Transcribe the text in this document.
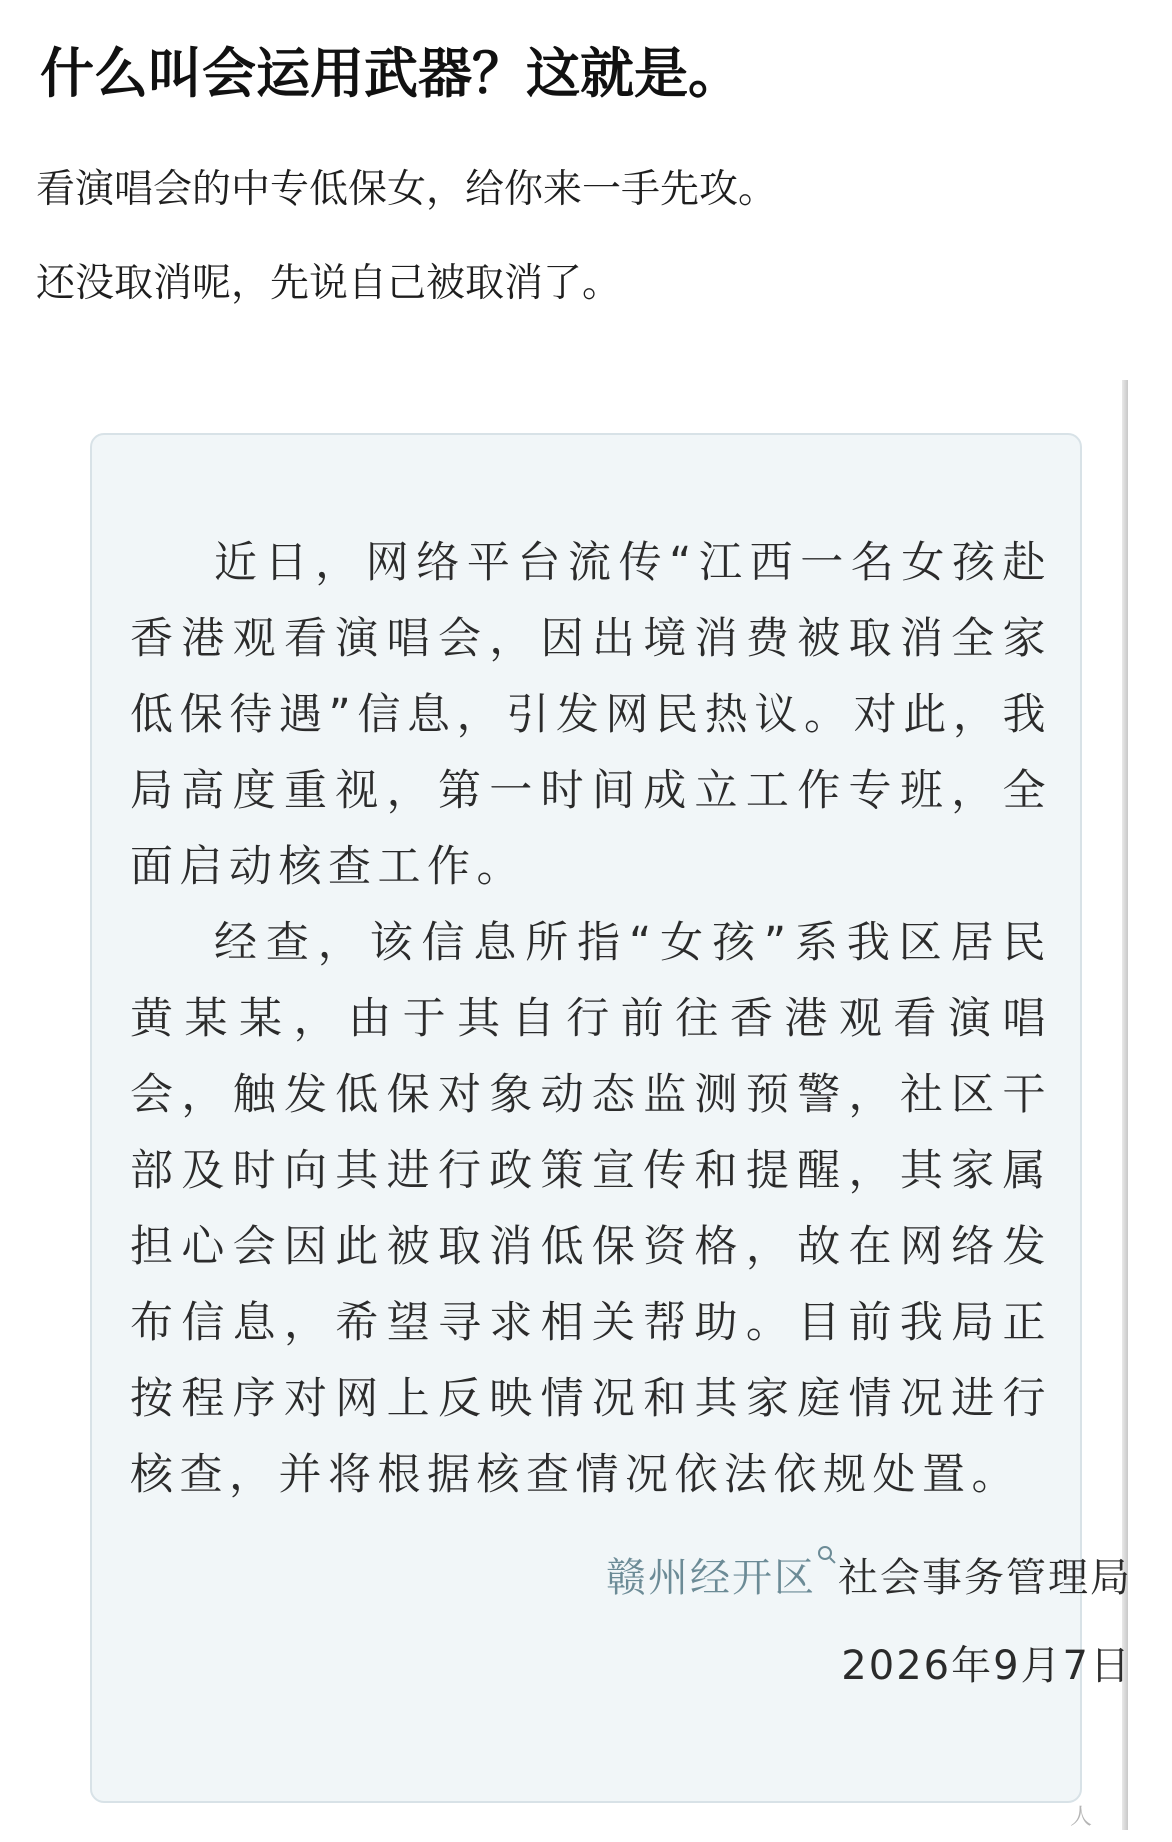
什么叫会运用武器？这就是。
看演唱会的中专低保女，给你来一手先攻。
还没取消呢，先说自己被取消了。

近日，网络平台流传“江西一名女孩赴香港观看演唱会，因出境消费被取消全家低保待遇”信息，引发网民热议。对此，我局高度重视，第一时间成立工作专班，全面启动核查工作。

经查，该信息所指“女孩”系我区居民黄某某，由于其自行前往香港观看演唱会，触发低保对象动态监测预警，社区干部及时向其进行政策宣传和提醒，其家属担心会因此被取消低保资格，故在网络发布信息，希望寻求相关帮助。目前我局正按程序对网上反映情况和其家庭情况进行核查，并将根据核查情况依法依规处置。

赣州经开区 社会事务管理局
2026年9月7日
人
